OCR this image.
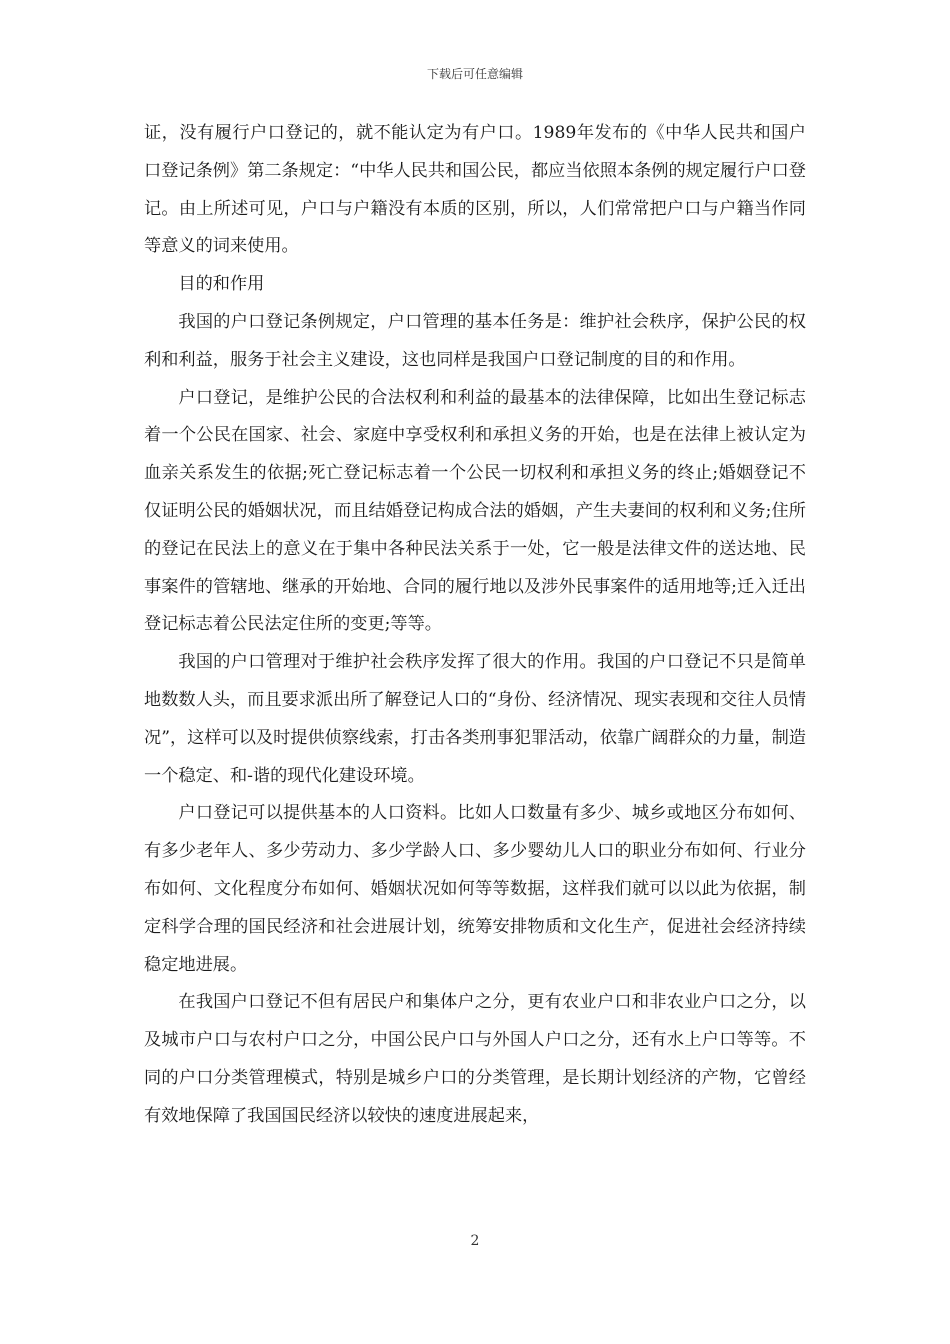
下载后可任意编辑

证，没有履行户口登记的，就不能认定为有户口。1989年发布的《中华人民共和国户口登记条例》第二条规定：“中华人民共和国公民，都应当依照本条例的规定履行户口登记。由上所述可见，户口与户籍没有本质的区别，所以，人们常常把户口与户籍当作同等意义的词来使用。

目的和作用

我国的户口登记条例规定，户口管理的基本任务是：维护社会秩序，保护公民的权利和利益，服务于社会主义建设，这也同样是我国户口登记制度的目的和作用。

户口登记，是维护公民的合法权利和利益的最基本的法律保障，比如出生登记标志着一个公民在国家、社会、家庭中享受权利和承担义务的开始，也是在法律上被认定为血亲关系发生的依据;死亡登记标志着一个公民一切权利和承担义务的终止;婚姻登记不仅证明公民的婚姻状况，而且结婚登记构成合法的婚姻，产生夫妻间的权利和义务;住所的登记在民法上的意义在于集中各种民法关系于一处，它一般是法律文件的送达地、民事案件的管辖地、继承的开始地、合同的履行地以及涉外民事案件的适用地等;迁入迁出登记标志着公民法定住所的变更;等等。

我国的户口管理对于维护社会秩序发挥了很大的作用。我国的户口登记不只是简单地数数人头，而且要求派出所了解登记人口的“身份、经济情况、现实表现和交往人员情况”，这样可以及时提供侦察线索，打击各类刑事犯罪活动，依靠广阔群众的力量，制造一个稳定、和-谐的现代化建设环境。

户口登记可以提供基本的人口资料。比如人口数量有多少、城乡或地区分布如何、有多少老年人、多少劳动力、多少学龄人口、多少婴幼儿人口的职业分布如何、行业分布如何、文化程度分布如何、婚姻状况如何等等数据，这样我们就可以以此为依据，制定科学合理的国民经济和社会进展计划，统筹安排物质和文化生产，促进社会经济持续稳定地进展。

在我国户口登记不但有居民户和集体户之分，更有农业户口和非农业户口之分，以及城市户口与农村户口之分，中国公民户口与外国人户口之分，还有水上户口等等。不同的户口分类管理模式，特别是城乡户口的分类管理，是长期计划经济的产物，它曾经有效地保障了我国国民经济以较快的速度进展起来，

2
